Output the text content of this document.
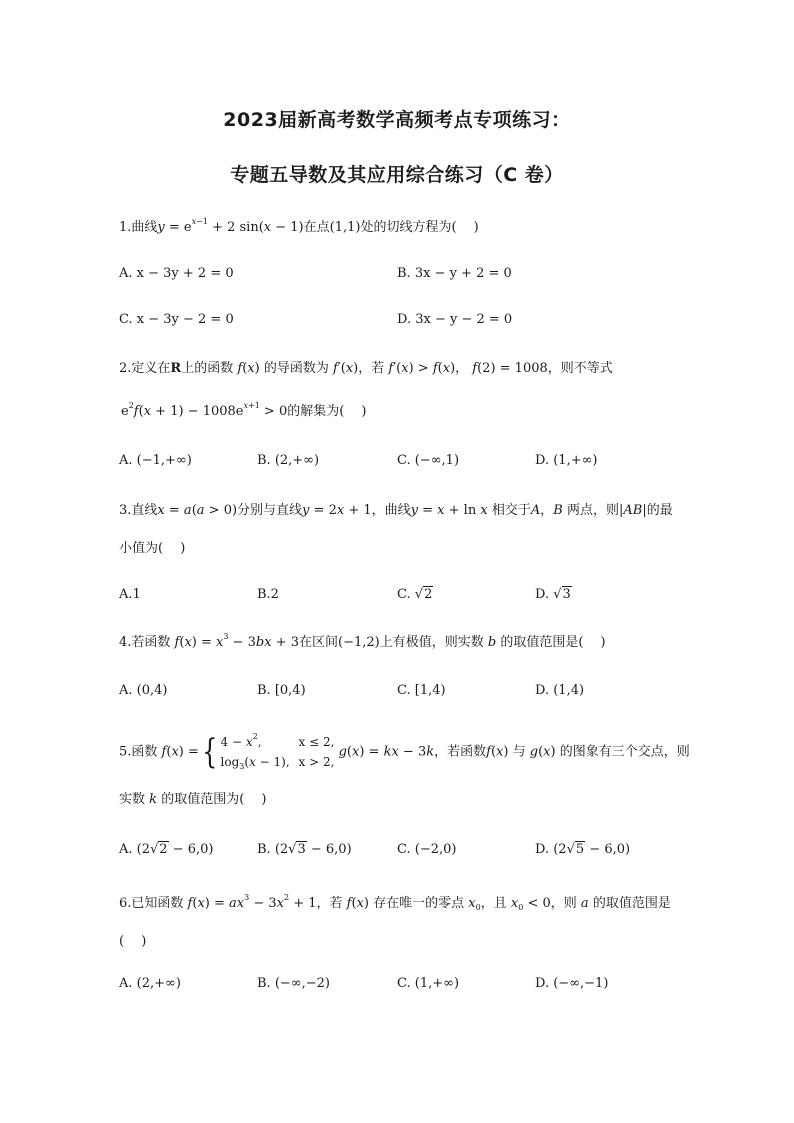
2023届新高考数学高频考点专项练习：
专题五导数及其应用综合练习（C 卷）
1.曲线$y = e^{x-1} + 2$ sin(x − 1)在点(1,1)处的切线方程为(　 )
A. x − 3y + 2 = 0	B. 3x − y + 2 = 0
C. x − 3y − 2 = 0	D. 3x − y − 2 = 0
2.定义在R上的函数 f(x) 的导函数为 f′(x)，若 f′(x) > f(x)， f(2) = 1008，则不等式
$e^2f(x + 1) - 1008e^{x+1} > 0$的解集为(　 )
A. (−1,+∞)	B. (2,+∞)	C. (−∞,1)	D. (1,+∞)
3.直线x = a(a > 0)分别与直线y = 2x + 1，曲线y = x + ln x 相交于A，B 两点，则|AB|的最
小值为(　 )
A.1	B.2	C. √2	D. √3
4.若函数 $f(x) = x^3 - 3bx + 3$在区间(−1,2)上有极值，则实数 b 的取值范围是(　 )
A. (0,4)	B. [0,4)	C. [1,4)	D. (1,4)
5.函数 f(x) ={ $4 - x^2$,	x ≤ 2,
$\log_3(x - 1)$, x > 2, g(x) = kx − 3k，若函数f(x) 与 g(x) 的图象有三个交点，则
实数 k 的取值范围为(　 )
A. (2√2 − 6,0)	B. (2√3 − 6,0)	C. (−2,0)	D. (2√5 − 6,0)
6.已知函数 $f(x) = ax^3 - 3x^2 + 1$，若 f(x) 存在唯一的零点 $x_0$，且 $x_0 < 0$，则 a 的取值范围是
(　 )
A. (2,+∞)	B. (−∞,−2)	C. (1,+∞)	D. (−∞,−1)
